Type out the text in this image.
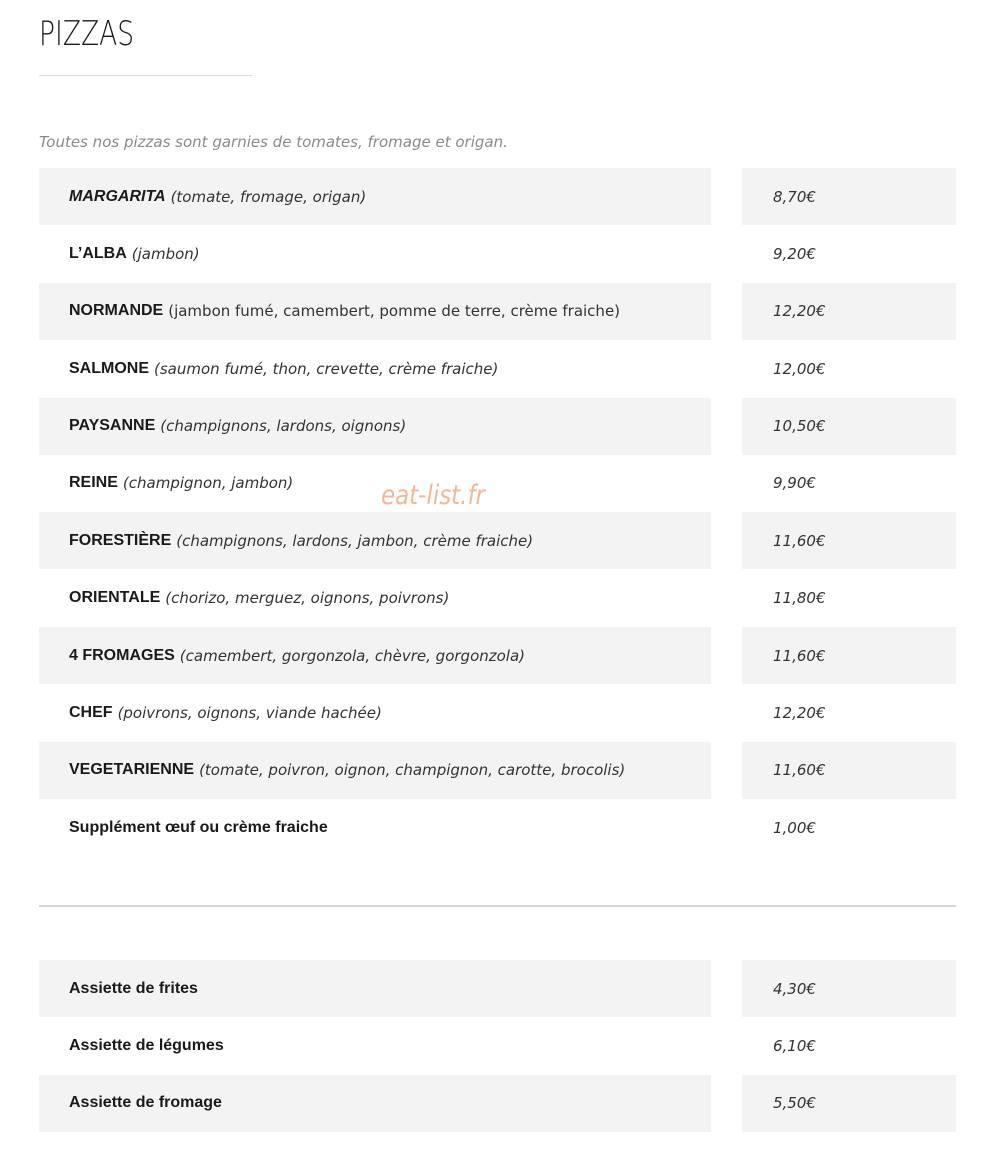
PIZZAS
Toutes nos pizzas sont garnies de tomates, fromage et origan.
MARGARITA (tomate, fromage, origan)	8,70€
L’ALBA (jambon)	9,20€
NORMANDE (jambon fumé, camembert, pomme de terre, crème fraiche)	12,20€
SALMONE (saumon fumé, thon, crevette, crème fraiche)	12,00€
PAYSANNE (champignons, lardons, oignons)	10,50€
REINE (champignon, jambon)	9,90€
FORESTIÈRE (champignons, lardons, jambon, crème fraiche)	11,60€
ORIENTALE (chorizo, merguez, oignons, poivrons)	11,80€
4 FROMAGES (camembert, gorgonzola, chèvre, gorgonzola)	11,60€
CHEF (poivrons, oignons, viande hachée)	12,20€
VEGETARIENNE (tomate, poivron, oignon, champignon, carotte, brocolis)	11,60€
Supplément œuf ou crème fraiche	1,00€
eat-list.fr
Assiette de frites	4,30€
Assiette de légumes	6,10€
Assiette de fromage	5,50€
